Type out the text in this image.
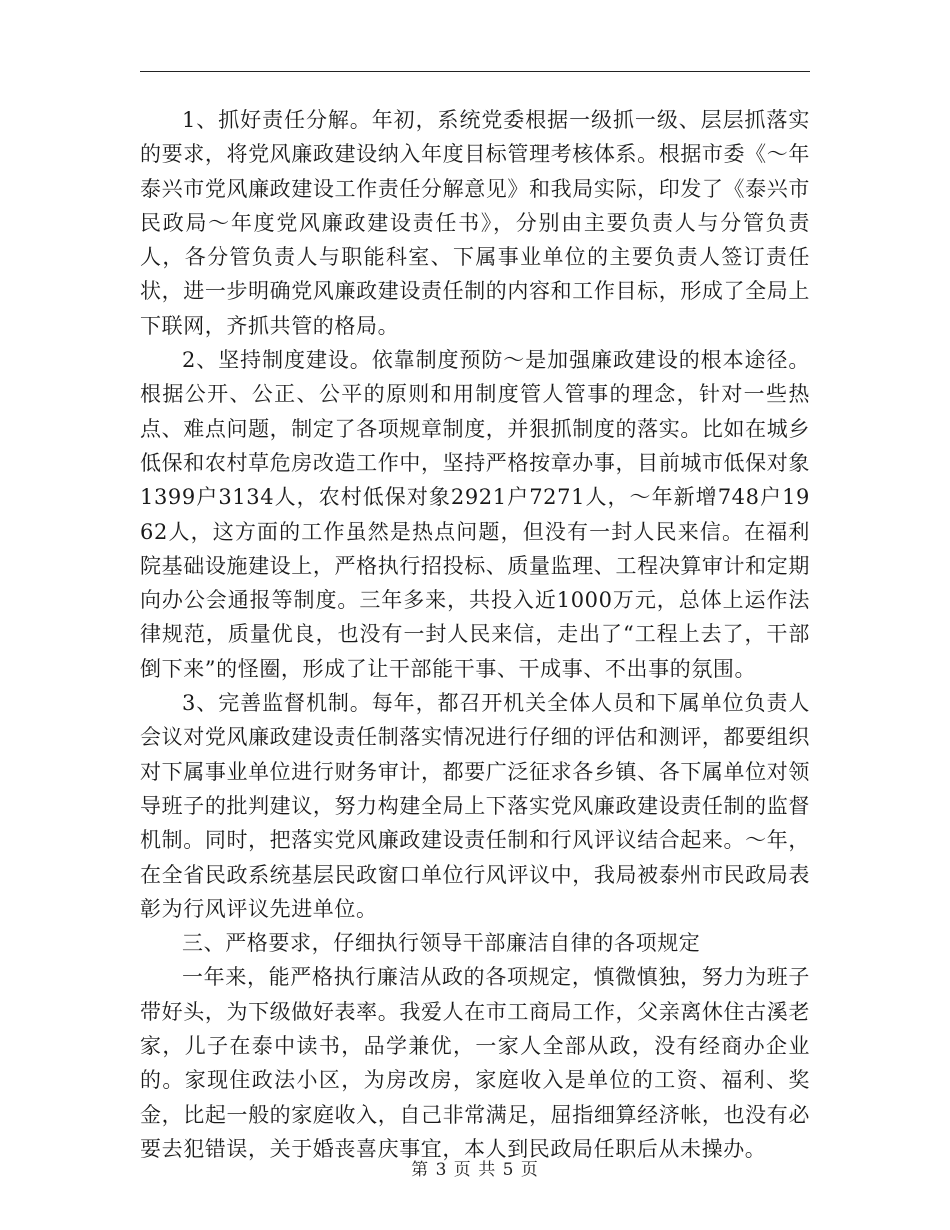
1、抓好责任分解。年初，系统党委根据一级抓一级、层层抓落实的要求，将党风廉政建设纳入年度目标管理考核体系。根据市委《～年泰兴市党风廉政建设工作责任分解意见》和我局实际，印发了《泰兴市民政局～年度党风廉政建设责任书》，分别由主要负责人与分管负责人，各分管负责人与职能科室、下属事业单位的主要负责人签订责任状，进一步明确党风廉政建设责任制的内容和工作目标，形成了全局上下联网，齐抓共管的格局。

2、坚持制度建设。依靠制度预防～是加强廉政建设的根本途径。根据公开、公正、公平的原则和用制度管人管事的理念，针对一些热点、难点问题，制定了各项规章制度，并狠抓制度的落实。比如在城乡低保和农村草危房改造工作中，坚持严格按章办事，目前城市低保对象1399户3134人，农村低保对象2921户7271人，～年新增748户1962人，这方面的工作虽然是热点问题，但没有一封人民来信。在福利院基础设施建设上，严格执行招投标、质量监理、工程决算审计和定期向办公会通报等制度。三年多来，共投入近1000万元，总体上运作法律规范，质量优良，也没有一封人民来信，走出了“工程上去了，干部倒下来”的怪圈，形成了让干部能干事、干成事、不出事的氛围。

3、完善监督机制。每年，都召开机关全体人员和下属单位负责人会议对党风廉政建设责任制落实情况进行仔细的评估和测评，都要组织对下属事业单位进行财务审计，都要广泛征求各乡镇、各下属单位对领导班子的批判建议，努力构建全局上下落实党风廉政建设责任制的监督机制。同时，把落实党风廉政建设责任制和行风评议结合起来。～年，在全省民政系统基层民政窗口单位行风评议中，我局被泰州市民政局表彰为行风评议先进单位。

三、严格要求，仔细执行领导干部廉洁自律的各项规定

一年来，能严格执行廉洁从政的各项规定，慎微慎独，努力为班子带好头，为下级做好表率。我爱人在市工商局工作，父亲离休住古溪老家，儿子在泰中读书，品学兼优，一家人全部从政，没有经商办企业的。家现住政法小区，为房改房，家庭收入是单位的工资、福利、奖金，比起一般的家庭收入，自己非常满足，屈指细算经济帐，也没有必要去犯错误，关于婚丧喜庆事宜，本人到民政局任职后从未操办。

第 3 页 共 5 页
